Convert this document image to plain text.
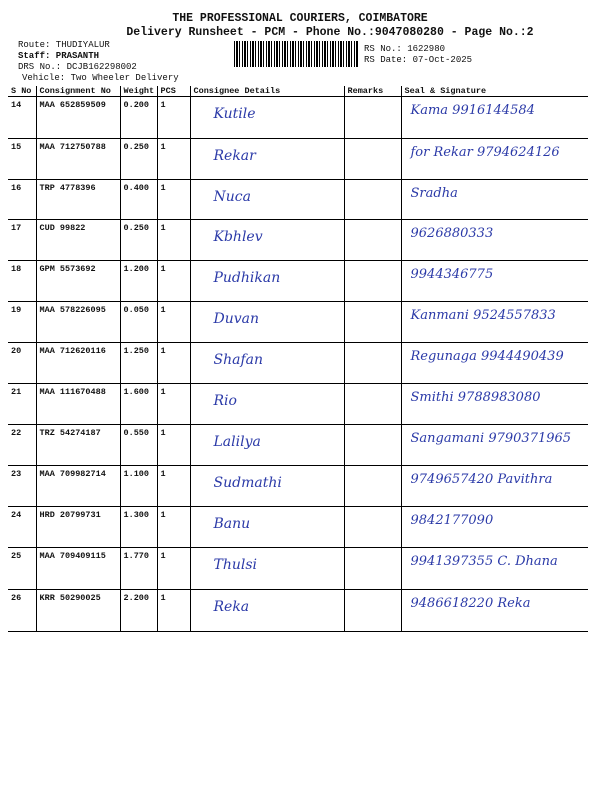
THE PROFESSIONAL COURIERS, COIMBATORE
Delivery Runsheet - PCM - Phone No.:9047080280 - Page No.:2
Route: THUDIYALUR
Staff: PRASANTH
DRS No.: DCJB162298002
Vehicle: Two Wheeler Delivery
RS No.: 1622980
RS Date: 07-Oct-2025
S No	Consignment No	Weight	PCS	Consignee Details	Remarks	Seal & Signature
14	MAA 652859509	0.200	1	Kutile		Kama 9916144584

15	MAA 712750788	0.250	1	Rekar		for Rekar 9794624126

16	TRP 4778396	0.400	1	Nuca		Sradha

17	CUD 99822	0.250	1	Kbhlev		9626880333

18	GPM 5573692	1.200	1	Pudhikan		9944346775

19	MAA 578226095	0.050	1	Duvan		Kanmani 9524557833

20	MAA 712620116	1.250	1	Shafan		Regunaga 9944490439

21	MAA 111670488	1.600	1	Rio		Smithi 9788983080

22	TRZ 54274187	0.550	1	Lalilya		Sangamani 9790371965

23	MAA 709982714	1.100	1	Sudmathi		9749657420 Pavithra

24	HRD 20799731	1.300	1	Banu		9842177090

25	MAA 709409115	1.770	1	Thulsi		9941397355 C. Dhana

26	KRR 50290025	2.200	1	Reka		9486618220 Reka
